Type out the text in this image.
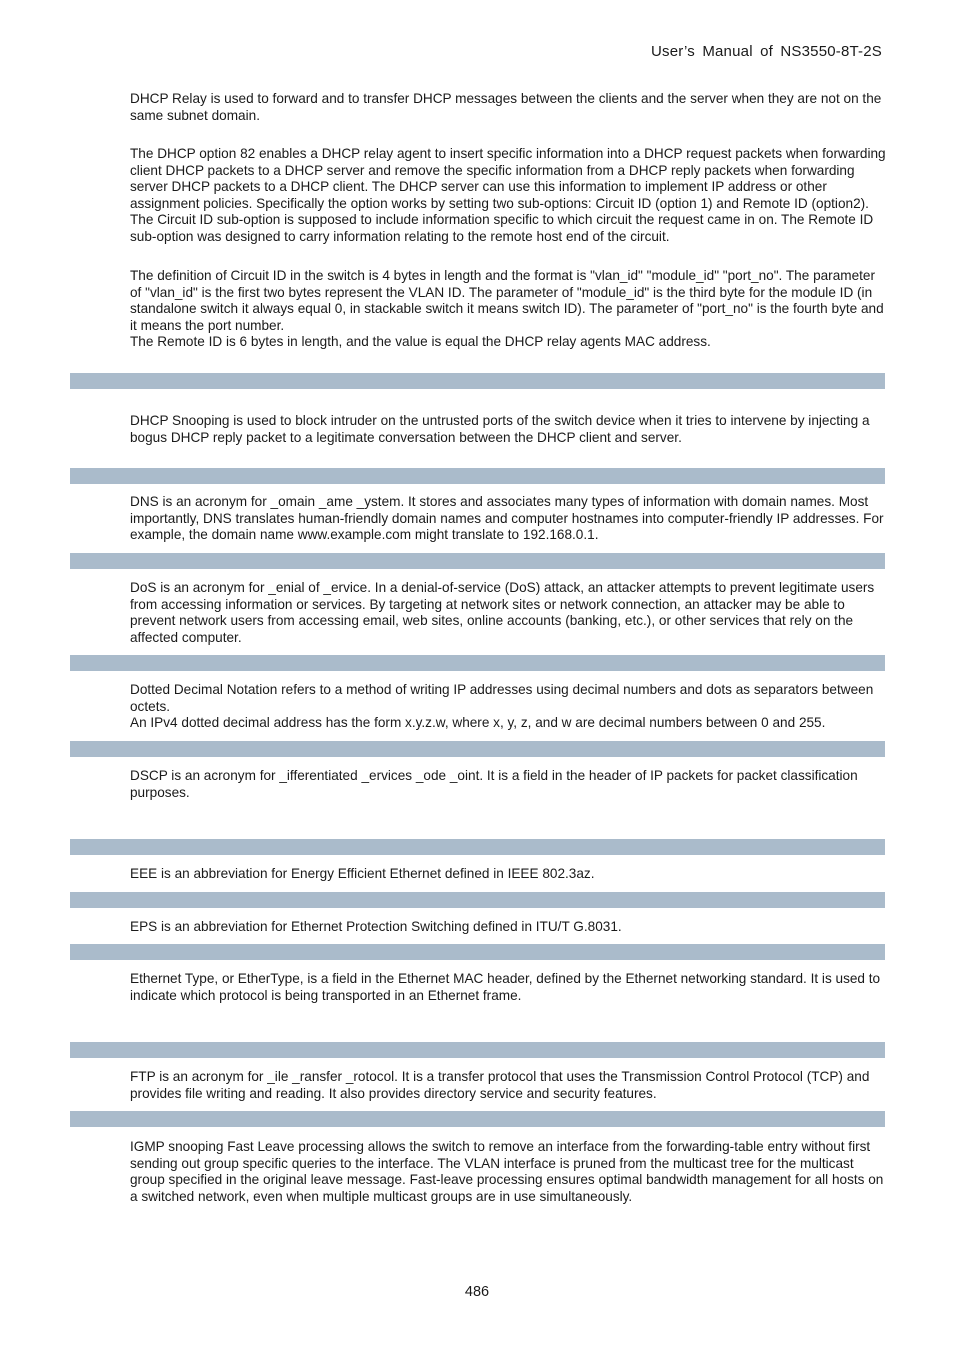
User’s Manual of NS3550-8T-2S

DHCP Relay is used to forward and to transfer DHCP messages between the clients and the server when they are not on the same subnet domain.

The DHCP option 82 enables a DHCP relay agent to insert specific information into a DHCP request packets when forwarding client DHCP packets to a DHCP server and remove the specific information from a DHCP reply packets when forwarding server DHCP packets to a DHCP client. The DHCP server can use this information to implement IP address or other assignment policies. Specifically the option works by setting two sub-options: Circuit ID (option 1) and Remote ID (option2). The Circuit ID sub-option is supposed to include information specific to which circuit the request came in on. The Remote ID sub-option was designed to carry information relating to the remote host end of the circuit.

The definition of Circuit ID in the switch is 4 bytes in length and the format is "vlan_id" "module_id" "port_no". The parameter of "vlan_id" is the first two bytes represent the VLAN ID. The parameter of "module_id" is the third byte for the module ID (in standalone switch it always equal 0, in stackable switch it means switch ID). The parameter of "port_no" is the fourth byte and it means the port number.
The Remote ID is 6 bytes in length, and the value is equal the DHCP relay agents MAC address.

DHCP Snooping is used to block intruder on the untrusted ports of the switch device when it tries to intervene by injecting a bogus DHCP reply packet to a legitimate conversation between the DHCP client and server.

DNS is an acronym for _omain _ame _ystem. It stores and associates many types of information with domain names. Most importantly, DNS translates human-friendly domain names and computer hostnames into computer-friendly IP addresses. For example, the domain name www.example.com might translate to 192.168.0.1.

DoS is an acronym for _enial of _ervice. In a denial-of-service (DoS) attack, an attacker attempts to prevent legitimate users from accessing information or services. By targeting at network sites or network connection, an attacker may be able to prevent network users from accessing email, web sites, online accounts (banking, etc.), or other services that rely on the affected computer.

Dotted Decimal Notation refers to a method of writing IP addresses using decimal numbers and dots as separators between octets.
An IPv4 dotted decimal address has the form x.y.z.w, where x, y, z, and w are decimal numbers between 0 and 255.

DSCP is an acronym for _ifferentiated _ervices _ode _oint. It is a field in the header of IP packets for packet classification purposes.

EEE is an abbreviation for Energy Efficient Ethernet defined in IEEE 802.3az.

EPS is an abbreviation for Ethernet Protection Switching defined in ITU/T G.8031.

Ethernet Type, or EtherType, is a field in the Ethernet MAC header, defined by the Ethernet networking standard. It is used to indicate which protocol is being transported in an Ethernet frame.

FTP is an acronym for _ile _ransfer _rotocol. It is a transfer protocol that uses the Transmission Control Protocol (TCP) and provides file writing and reading. It also provides directory service and security features.

IGMP snooping Fast Leave processing allows the switch to remove an interface from the forwarding-table entry without first sending out group specific queries to the interface. The VLAN interface is pruned from the multicast tree for the multicast group specified in the original leave message. Fast-leave processing ensures optimal bandwidth management for all hosts on a switched network, even when multiple multicast groups are in use simultaneously.

486
